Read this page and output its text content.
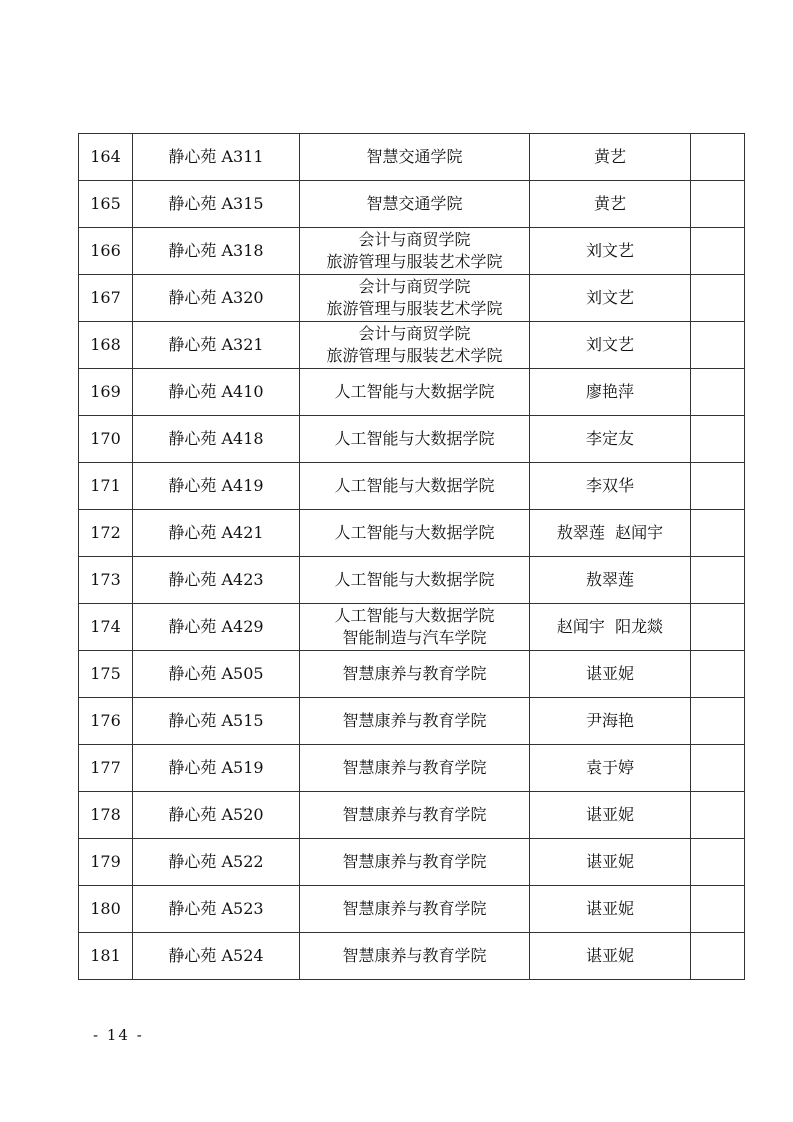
164	静心苑 A311	智慧交通学院	黄艺	
165	静心苑 A315	智慧交通学院	黄艺	
166	静心苑 A318	会计与商贸学院
旅游管理与服装艺术学院	刘文艺	
167	静心苑 A320	会计与商贸学院
旅游管理与服装艺术学院	刘文艺	
168	静心苑 A321	会计与商贸学院
旅游管理与服装艺术学院	刘文艺	
169	静心苑 A410	人工智能与大数据学院	廖艳萍	
170	静心苑 A418	人工智能与大数据学院	李定友	
171	静心苑 A419	人工智能与大数据学院	李双华	
172	静心苑 A421	人工智能与大数据学院	敖翠莲  赵闻宇	
173	静心苑 A423	人工智能与大数据学院	敖翠莲	
174	静心苑 A429	人工智能与大数据学院
智能制造与汽车学院	赵闻宇  阳龙燚	
175	静心苑 A505	智慧康养与教育学院	谌亚妮	
176	静心苑 A515	智慧康养与教育学院	尹海艳	
177	静心苑 A519	智慧康养与教育学院	袁于婷	
178	静心苑 A520	智慧康养与教育学院	谌亚妮	
179	静心苑 A522	智慧康养与教育学院	谌亚妮	
180	静心苑 A523	智慧康养与教育学院	谌亚妮	
181	静心苑 A524	智慧康养与教育学院	谌亚妮	
- 14 -
